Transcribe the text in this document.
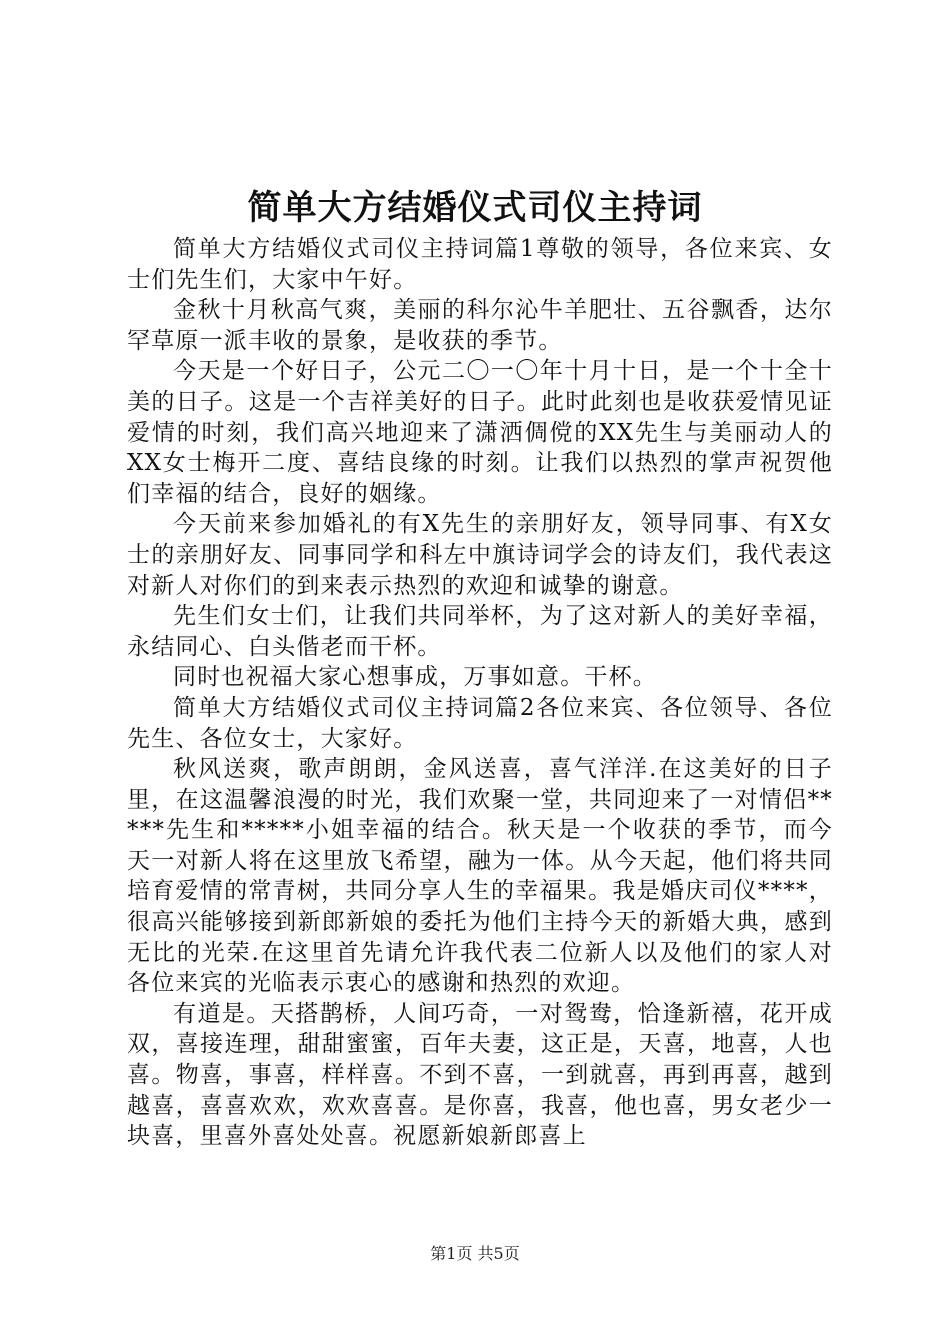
简单大方结婚仪式司仪主持词

简单大方结婚仪式司仪主持词篇1尊敬的领导，各位来宾、女士们先生们，大家中午好。

金秋十月秋高气爽，美丽的科尔沁牛羊肥壮、五谷飘香，达尔罕草原一派丰收的景象，是收获的季节。

今天是一个好日子，公元二〇一〇年十月十日，是一个十全十美的日子。这是一个吉祥美好的日子。此时此刻也是收获爱情见证爱情的时刻，我们高兴地迎来了潇洒倜傥的XX先生与美丽动人的XX女士梅开二度、喜结良缘的时刻。让我们以热烈的掌声祝贺他们幸福的结合，良好的姻缘。

今天前来参加婚礼的有X先生的亲朋好友，领导同事、有X女士的亲朋好友、同事同学和科左中旗诗词学会的诗友们，我代表这对新人对你们的到来表示热烈的欢迎和诚挚的谢意。

先生们女士们，让我们共同举杯，为了这对新人的美好幸福，永结同心、白头偕老而干杯。

同时也祝福大家心想事成，万事如意。干杯。

简单大方结婚仪式司仪主持词篇2各位来宾、各位领导、各位先生、各位女士，大家好。

秋风送爽，歌声朗朗，金风送喜，喜气洋洋.在这美好的日子里，在这温馨浪漫的时光，我们欢聚一堂，共同迎来了一对情侣*****先生和*****小姐幸福的结合。秋天是一个收获的季节，而今天一对新人将在这里放飞希望，融为一体。从今天起，他们将共同培育爱情的常青树，共同分享人生的幸福果。我是婚庆司仪****，很高兴能够接到新郎新娘的委托为他们主持今天的新婚大典，感到无比的光荣.在这里首先请允许我代表二位新人以及他们的家人对各位来宾的光临表示衷心的感谢和热烈的欢迎。

有道是。天搭鹊桥，人间巧奇，一对鸳鸯，恰逢新禧，花开成双，喜接连理，甜甜蜜蜜，百年夫妻，这正是，天喜，地喜，人也喜。物喜，事喜，样样喜。不到不喜，一到就喜，再到再喜，越到越喜，喜喜欢欢，欢欢喜喜。是你喜，我喜，他也喜，男女老少一块喜，里喜外喜处处喜。祝愿新娘新郎喜上

第1页 共5页
